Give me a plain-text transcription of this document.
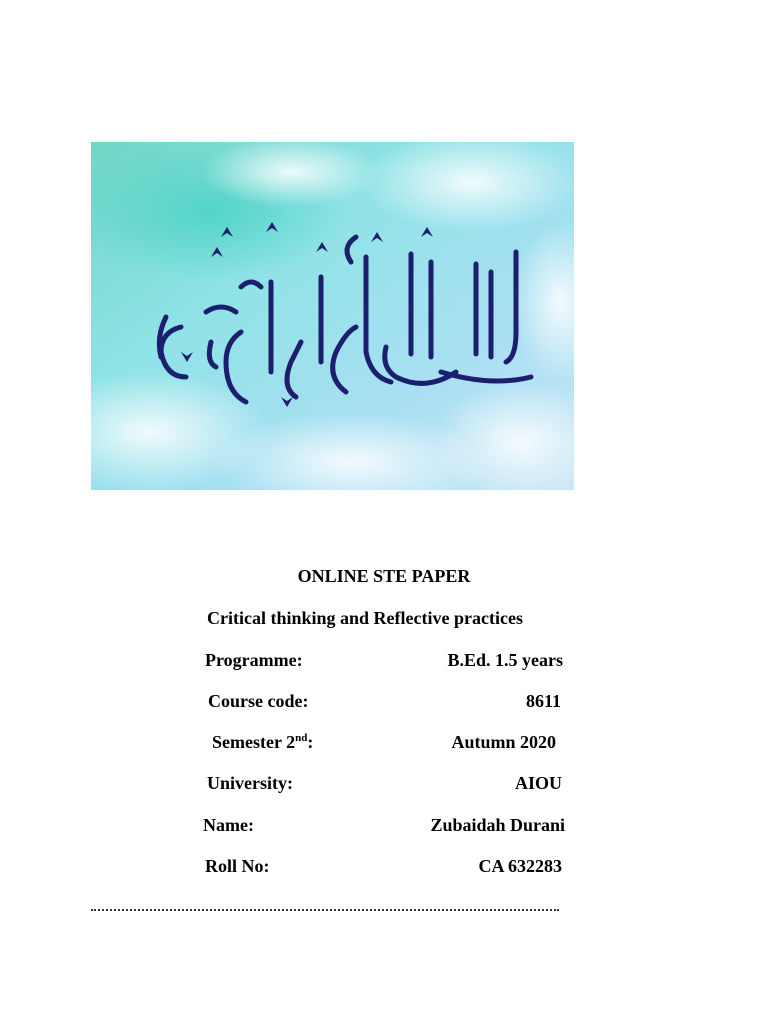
ONLINE STE PAPER
Critical thinking and Reflective practices
Programme:	B.Ed. 1.5 years
Course code:	8611
Semester 2nd:	Autumn 2020
University:	AIOU
Name:	Zubaidah Durani
Roll No:	CA 632283
